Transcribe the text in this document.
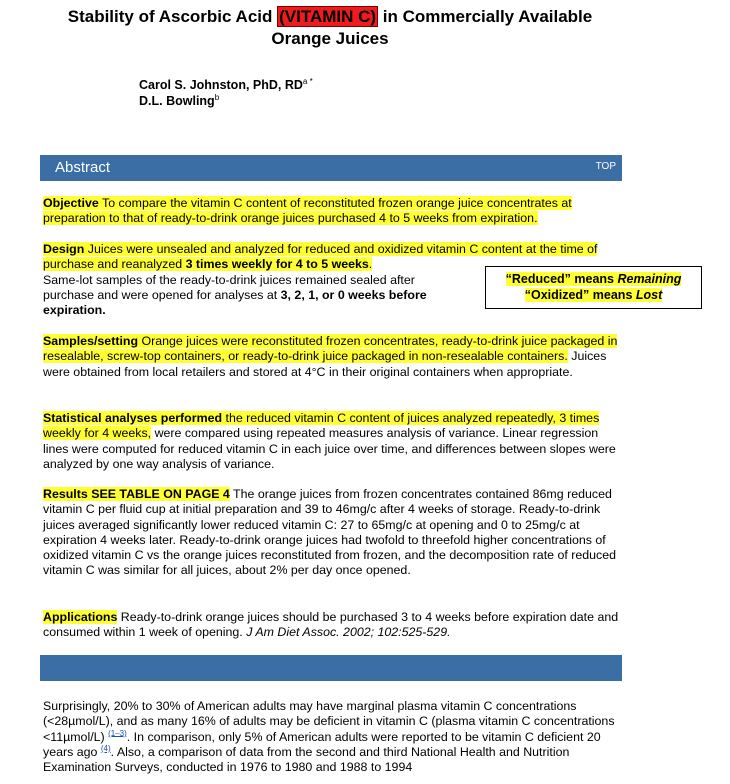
Stability of Ascorbic Acid (VITAMIN C) in Commercially Available
Orange Juices
Carol S. Johnston, PhD, $RD^{a *}$
D.L. Bowling$^b$
Abstract	TOP
Objective To compare the vitamin C content of reconstituted frozen orange juice concentrates at preparation to that of ready-to-drink orange juices purchased 4 to 5 weeks from expiration.
Design Juices were unsealed and analyzed for reduced and oxidized vitamin C content at the time of purchase and reanalyzed 3 times weekly for 4 to 5 weeks.
Same-lot samples of the ready-to-drink juices remained sealed after
purchase and were opened for analyses at 3, 2, 1, or 0 weeks before
expiration.
“Reduced” means Remaining
“Oxidized” means Lost
Samples/setting Orange juices were reconstituted frozen concentrates, ready-to-drink juice packaged in resealable, screw-top containers, or ready-to-drink juice packaged in non-resealable containers. Juices were obtained from local retailers and stored at 4°C in their original containers when appropriate.
Statistical analyses performed the reduced vitamin C content of juices analyzed repeatedly, 3 times weekly for 4 weeks, were compared using repeated measures analysis of variance. Linear regression lines were computed for reduced vitamin C in each juice over time, and differences between slopes were analyzed by one way analysis of variance.
Results SEE TABLE ON PAGE 4 The orange juices from frozen concentrates contained 86mg reduced vitamin C per fluid cup at initial preparation and 39 to 46mg/c after 4 weeks of storage. Ready-to-drink juices averaged significantly lower reduced vitamin C: 27 to 65mg/c at opening and 0 to 25mg/c at expiration 4 weeks later. Ready-to-drink orange juices had twofold to threefold higher concentrations of oxidized vitamin C vs the orange juices reconstituted from frozen, and the decomposition rate of reduced vitamin C was similar for all juices, about 2% per day once opened.
Applications Ready-to-drink orange juices should be purchased 3 to 4 weeks before expiration date and consumed within 1 week of opening. J Am Diet Assoc. 2002; 102:525-529.
Surprisingly, 20% to 30% of American adults may have marginal plasma vitamin C concentrations (<28µmol/L), and as many 16% of adults may be deficient in vitamin C (plasma vitamin C concentrations <11µmol/L) $^{(1-3)}$. In comparison, only 5% of American adults were reported to be vitamin C deficient 20 years ago $^{(4)}$. Also, a comparison of data from the second and third National Health and Nutrition Examination Surveys, conducted in 1976 to 1980 and 1988 to 1994
